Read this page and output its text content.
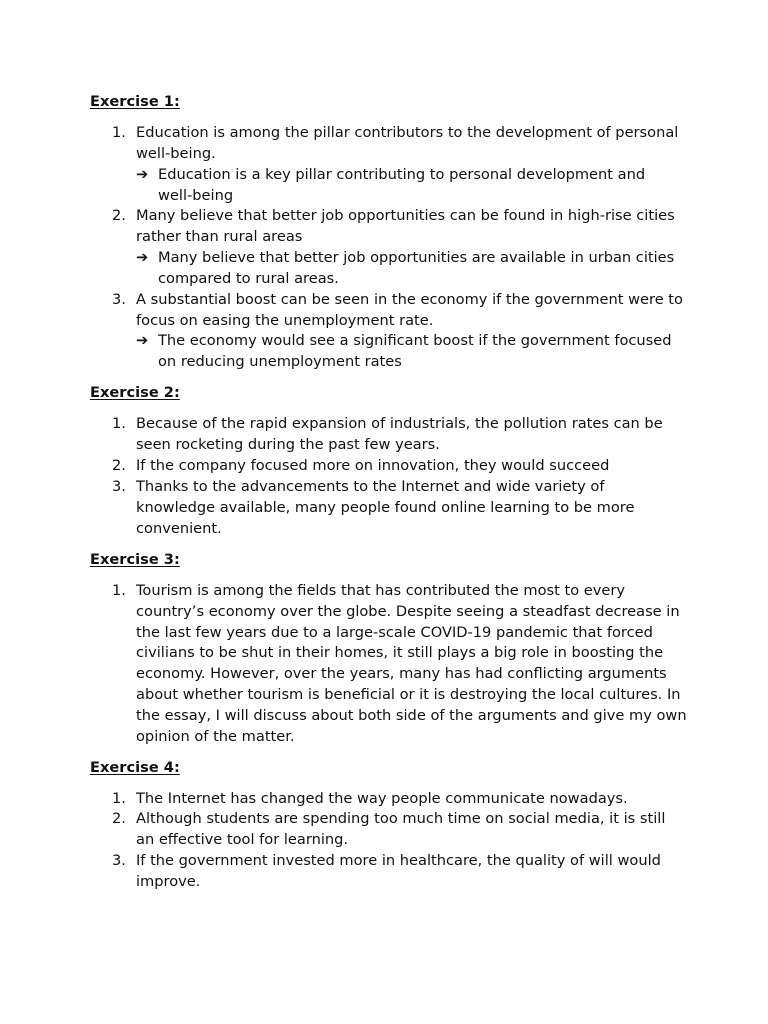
Exercise 1:
1. Education is among the pillar contributors to the development of personal well-being.
➔ Education is a key pillar contributing to personal development and well-being
2. Many believe that better job opportunities can be found in high-rise cities rather than rural areas
➔ Many believe that better job opportunities are available in urban cities compared to rural areas.
3. A substantial boost can be seen in the economy if the government were to focus on easing the unemployment rate.
➔ The economy would see a significant boost if the government focused on reducing unemployment rates
Exercise 2:
1. Because of the rapid expansion of industrials, the pollution rates can be seen rocketing during the past few years.
2. If the company focused more on innovation, they would succeed
3. Thanks to the advancements to the Internet and wide variety of knowledge available, many people found online learning to be more convenient.
Exercise 3:
1. Tourism is among the fields that has contributed the most to every country’s economy over the globe. Despite seeing a steadfast decrease in the last few years due to a large-scale COVID-19 pandemic that forced civilians to be shut in their homes, it still plays a big role in boosting the economy. However, over the years, many has had conflicting arguments about whether tourism is beneficial or it is destroying the local cultures. In the essay, I will discuss about both side of the arguments and give my own opinion of the matter.
Exercise 4:
1. The Internet has changed the way people communicate nowadays.
2. Although students are spending too much time on social media, it is still an effective tool for learning.
3. If the government invested more in healthcare, the quality of will would improve.
